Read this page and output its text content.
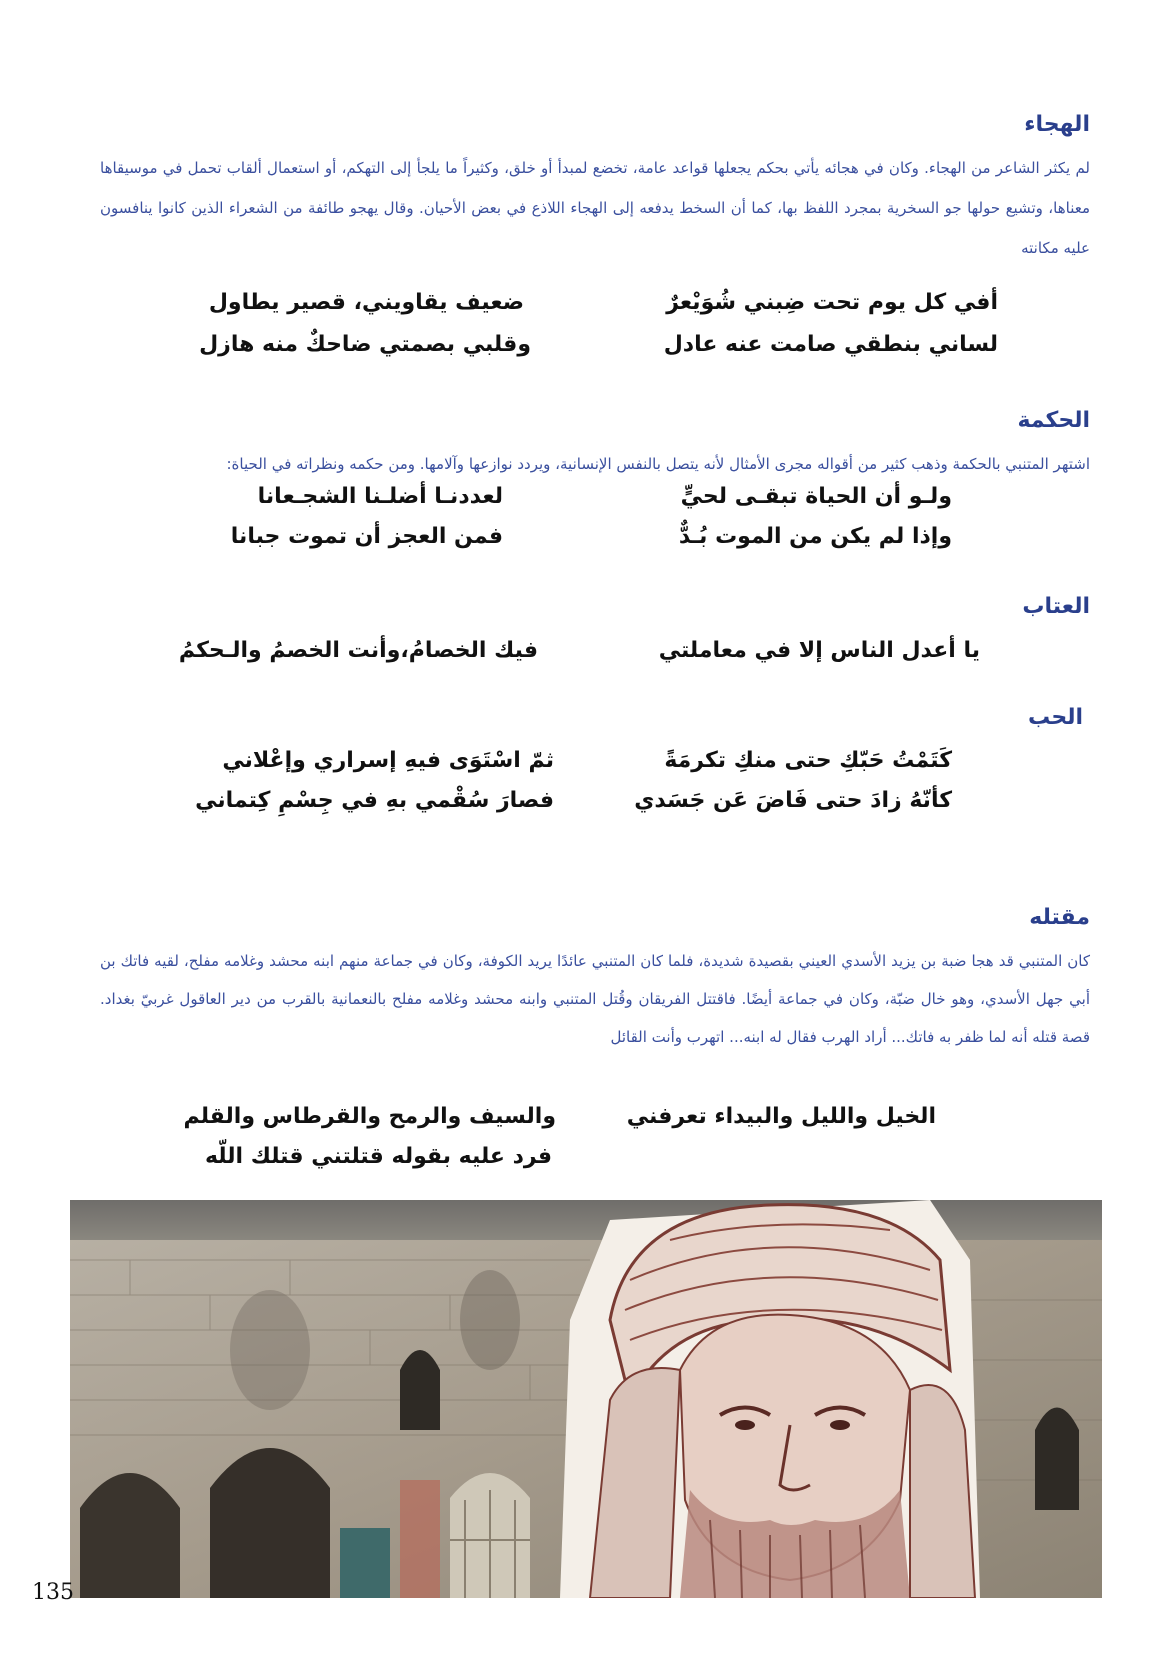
الهجاء

لم يكثر الشاعر من الهجاء. وكان في هجائه يأتي بحكم يجعلها قواعد عامة، تخضع لمبدأ أو خلق، وكثيراً ما يلجأ إلى التهكم، أو استعمال ألقاب تحمل في موسيقاها معناها، وتشيع حولها جو السخرية بمجرد اللفظ بها، كما أن السخط يدفعه إلى الهجاء اللاذع في بعض الأحيان. وقال يهجو طائفة من الشعراء الذين كانوا ينافسون عليه مكانته

أفي كل يوم تحت ضِبني شُوَيْعرٌ

ضعيف يقاويني، قصير يطاول

لساني بنطقي صامت عنه عادل

وقلبي بصمتي ضاحكٌ منه هازل

الحكمة

اشتهر المتنبي بالحكمة وذهب كثير من أقواله مجرى الأمثال لأنه يتصل بالنفس الإنسانية، ويردد نوازعها وآلامها. ومن حكمه ونظراته في الحياة:

ولـو أن الحياة تبقـى لحيٍّ

لعددنـا أضلـنا الشجـعانا

وإذا لم يكن من الموت بُـدٌّ

فمن العجز أن تموت جبانا

العتاب

يا أعدل الناس إلا في معاملتي

فيك الخصامُ،وأنت الخصمُ والـحكمُ

الحب

كَتَمْتُ حَبّكِ حتى منكِ تكرمَةً

ثمّ اسْتَوَى فيهِ إسراري وإعْلاني

كأنّهُ زادَ حتى فَاضَ عَن جَسَدي

فصارَ سُقْمي بهِ في جِسْمِ كِتماني

مقتله

كان المتنبي قد هجا ضبة بن يزيد الأسدي العيني بقصيدة شديدة، فلما كان المتنبي عائدًا يريد الكوفة، وكان في جماعة منهم ابنه محشد وغلامه مفلح، لقيه فاتك بن أبي جهل الأسدي، وهو خال ضبّة، وكان في جماعة أيضًا. فاقتتل الفريقان وقُتل المتنبي وابنه محشد وغلامه مفلح بالنعمانية بالقرب من دير العاقول غربيّ بغداد. قصة قتله أنه لما ظفر به فاتك... أراد الهرب فقال له ابنه... اتهرب وأنت القائل

الخيل والليل والبيداء تعرفني

والسيف والرمح والقرطاس والقلم

فرد عليه بقوله قتلتني قتلك اللّه

135
